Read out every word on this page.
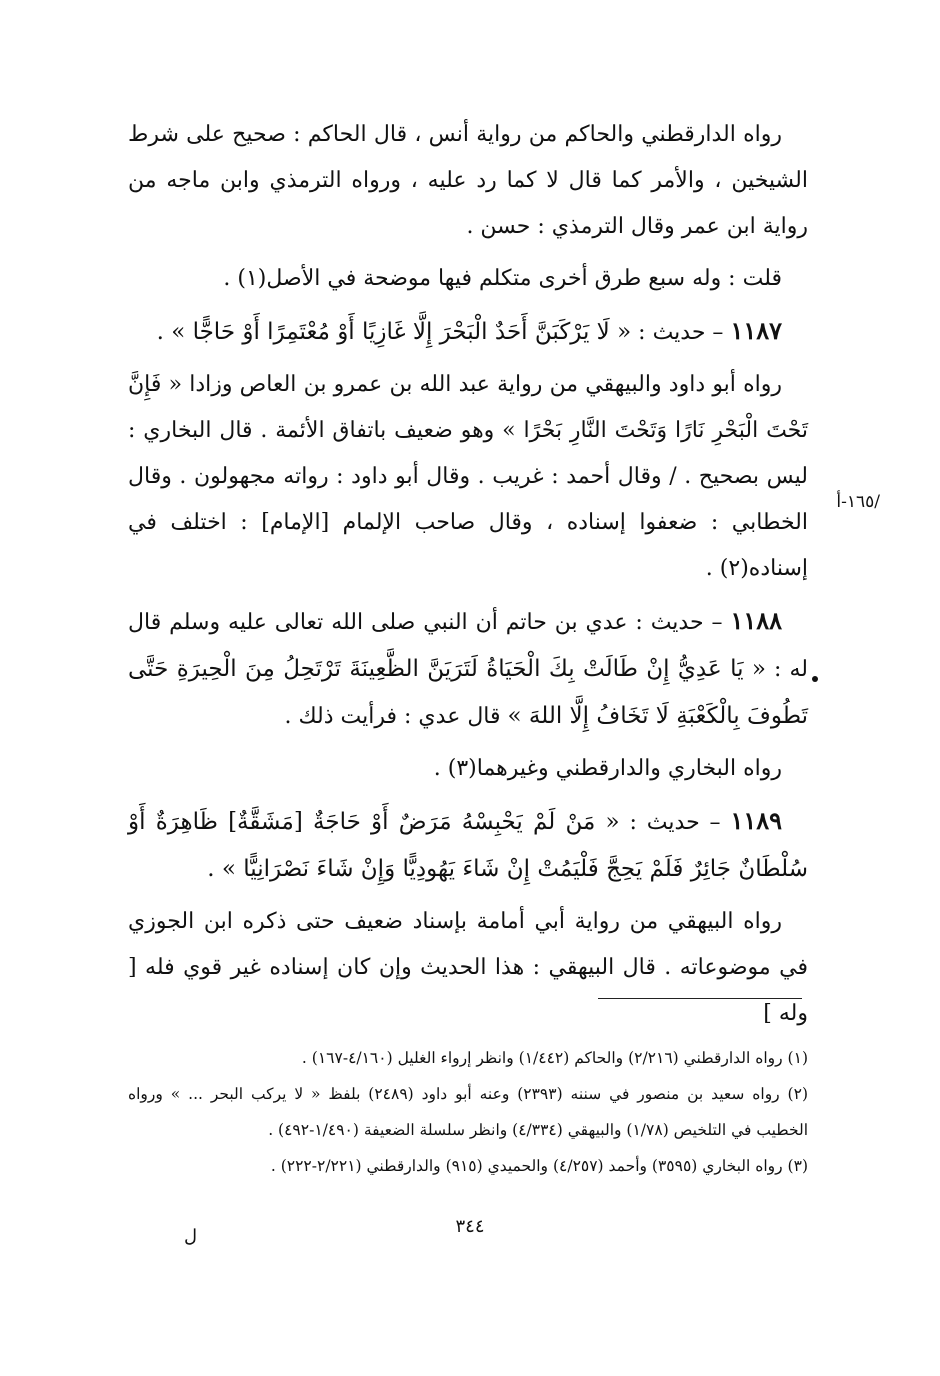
رواه الدارقطني والحاكم من رواية أنس ، قال الحاكم : صحيح على شرط الشيخين ، والأمر كما قال لا كما رد عليه ، ورواه الترمذي وابن ماجه من رواية ابن عمر وقال الترمذي : حسن .

قلت : وله سبع طرق أخرى متكلم فيها موضحة في الأصل(١) .

١١٨٧ – حديث : « لَا يَرْكَبَنَّ أَحَدٌ الْبَحْرَ إِلَّا غَازِيًا أَوْ مُعْتَمِرًا أَوْ حَاجًّا » .

رواه أبو داود والبيهقي من رواية عبد الله بن عمرو بن العاص وزادا « فَإِنَّ تَحْتَ الْبَحْرِ نَارًا وَتَحْتَ النَّارِ بَحْرًا » وهو ضعيف باتفاق الأئمة . قال البخاري : ليس بصحيح . / وقال أحمد : غريب . وقال أبو داود : رواته مجهولون . وقال الخطابي : ضعفوا إسناده ، وقال صاحب الإلمام [الإمام] : اختلف في إسناده(٢) .

١١٨٨ – حديث : عدي بن حاتم أن النبي صلى الله تعالى عليه وسلم قال له : « يَا عَدِيُّ إِنْ طَالَتْ بِكَ الْحَيَاةُ لَتَرَيَنَّ الظَّعِينَةَ تَرْتَحِلُ مِنَ الْحِيرَةِ حَتَّى تَطُوفَ بِالْكَعْبَةِ لَا تَخَافُ إِلَّا اللهَ » قال عدي : فرأيت ذلك .

رواه البخاري والدارقطني وغيرهما(٣) .

١١٨٩ – حديث : « مَنْ لَمْ يَحْبِسْهُ مَرَضٌ أَوْ حَاجَةٌ [مَشَقَّةٌ] ظَاهِرَةٌ أَوْ سُلْطَانٌ جَائِرٌ فَلَمْ يَحِجَّ فَلْيَمُتْ إِنْ شَاءَ يَهُودِيًّا وَإِنْ شَاءَ نَصْرَانِيًّا » .

رواه البيهقي من رواية أبي أمامة بإسناد ضعيف حتى ذكره ابن الجوزي في موضوعاته . قال البيهقي : هذا الحديث وإن كان إسناده غير قوي فله [ وله ]

/١٦٥-أ

(١) رواه الدارقطني (٢/٢١٦) والحاكم (١/٤٤٢) وانظر إرواء الغليل (٤/١٦٠-١٦٧) .

(٢) رواه سعيد بن منصور في سننه (٢٣٩٣) وعنه أبو داود (٢٤٨٩) بلفظ « لا يركب البحر ... » ورواه الخطيب في التلخيص (١/٧٨) والبيهقي (٤/٣٣٤) وانظر سلسلة الضعيفة (١/٤٩٠-٤٩٢) .

(٣) رواه البخاري (٣٥٩٥) وأحمد (٤/٢٥٧) والحميدي (٩١٥) والدارقطني (٢/٢٢١-٢٢٢) .

٣٤٤
ل
